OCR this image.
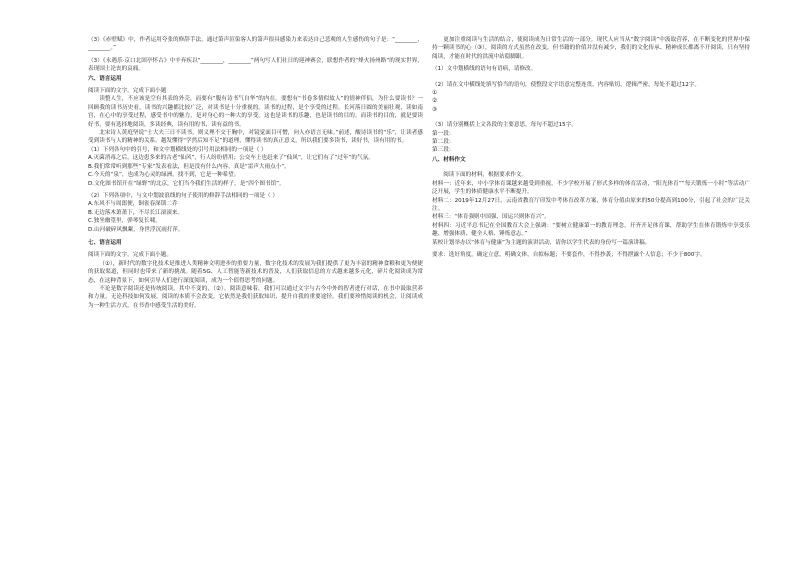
（3）《赤壁赋》中，作者运用夸张的修辞手法，通过箫声渲染客人的箫声很具感染力来表达自己悲观的人生感伤的句子是：“________，________。”

（3）《永遇乐·京口北固亭怀古》中辛弃疾以“________，________”两句写人们社日的迎神赛会，联想作者的“烽火扬州路”的现实世界，表现国土沦丧的哀痛。

六、语言运用

阅读下面的文字，完成下面小题

读整人生，不应该是空有其表的外壳，而要有“腹有诗书气自华”的内在。要想有“书卷多情似故人”的情神伴侣，为什么要读书？一回顾我的读书历史看，读书的兴趣都比较广泛，对读书是十分重视的。读书的过程，是个享受的过程。长河落日圆的美丽壮观，读如南宫，在心中的享受过程，感受书中的魅力，是对身心的一种大的享受。这也是读书的乐趣，也是读书的目的。而读书的目的，就是要读好书，要有选择地阅读，多读经典，读有用的书，读有益的书。

北宋诗人黄庭坚说“士大夫三日不读书，则义理不交于胸中，对镜觉面目可憎，向人亦语言无味。”前述，酸诗读书的“乐”，让读者感受到读书与人的精神的关系。越发懂得“学然后知不足”的道理，懂得读书的真正意义，所以我们要多读书，读好书，读有用的书。

（1）下列各句中的引号，和文中划横线处的引号用法相同的一项是（ ）

A.灭菌消毒之后，这边患多来的古老“仙风”，行人纷纷借用；公交车上也赶来了“仙风”，让它们有了“过年”的气氛。

B.我们常常听到那些“专家”发表看法，但是没有什么内容，真是“雷声大雨点小”。

C.今天的“泉”，也成为心灵的绿洲，找不到，它是一种希望。

D.文化图书馆开在“绿野”的北京，它们当今我们生活的样子，是“四个图书馆”。

（2）下列各项中，与文中划波浪线的句子使用的修辞手法相同的一项是（ ）

A.东风不与周郎便，铜雀春深锁二乔

B.无边落木萧萧下，不尽长江滚滚来。

C.独坐幽篁里，弹琴复长啸。

D.山河破碎风飘絮，身世浮沉雨打萍。

七、语言运用

阅读下面的文字，完成下面小题。

（①），新时代的数字化技术是推进人类精神文明进步的重要力量，数字化技术的发展为我们提供了更为丰富的精神食粮和更为便捷的获取渠道，但同时也带来了新的挑战。随着5G、人工智能等新技术的普及，人们获取信息的方式越来越多元化，碎片化阅读成为常态，在这种背景下，如何引导人们进行深度阅读，成为一个值得思考的问题。

不论是数字阅读还是传统阅读，其中不变的，（②）。阅读意味着，我们可以通过文字与古今中外的智者进行对话，在书中汲取营养和力量。无论科技如何发展，阅读的本质不会改变，它依然是我们获取知识、提升自我的重要途径。我们要珍惜阅读的机会，让阅读成为一种生活方式，在书香中感受生活的美好。

更加注重阅读与生活的结合，使阅读成为日常生活的一部分。现代人应当从“数字阅读”中汲取营养，在不断变化的世界中保持一颗读书的心（③），阅读的方式虽然在改变，但书籍的价值并没有减少，我们的文化传承、精神成长都离不开阅读，只有坚持阅读，才能在时代的洪流中站稳脚跟。

（1）文中划横线的语句有语病，请修改。

（2）请在文中横线处填写恰当的语句，使整段文字语意完整连贯，内容贴切，逻辑严密，每处不超过12字。

①

②

③

（3）请分别概括上文各段的主要意思，每句不超过15字。

第一段：

第二段：

第三段：

八、材料作文

阅读下面的材料，根据要求作文。

材料一：近年来，中小学体育课越来越受到重视，不少学校开展了形式多样的体育活动，“阳光体育”“每天锻炼一小时”等活动广泛开展，学生的体质健康水平不断提升。

材料二：2019年12月27日，云南省教育厅印发中考体育改革方案，体育分值由原来的50分提高到100分，引起了社会的广泛关注。

材料三：“体育强则中国强，国运兴则体育兴”。

材料四：习近平总书记在全国教育大会上强调：“要树立健康第一的教育理念，开齐开足体育课，帮助学生在体育锻炼中享受乐趣、增强体质、健全人格、锤炼意志。”

某校计划举办以“体育与健康”为主题的演讲活动，请你以学生代表的身份写一篇演讲稿。

要求：选好角度，确定立意，明确文体，自拟标题；不要套作，不得抄袭；不得泄露个人信息；不少于800字。
